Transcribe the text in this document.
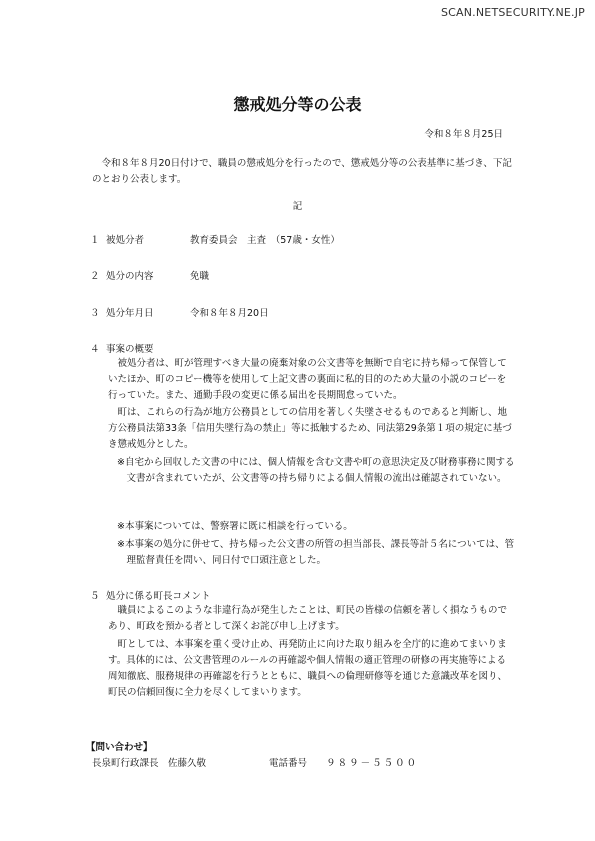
SCAN.NETSECURITY.NE.JP
懲戒処分等の公表
令和８年８月25日
令和８年８月20日付けで、職員の懲戒処分を行ったので、懲戒処分等の公表基準に基づき、下記のとおり公表します。
記
１ 被処分者	教育委員会　主査　（57歳・女性）
２ 処分の内容	免職
３ 処分年月日	令和８年８月20日
４ 事案の概要
被処分者は、町が管理すべき大量の廃棄対象の公文書等を無断で自宅に持ち帰って保管していたほか、町のコピー機等を使用して上記文書の裏面に私的目的のため大量の小説のコピーを行っていた。また、通勤手段の変更に係る届出を長期間怠っていた。
町は、これらの行為が地方公務員としての信用を著しく失墜させるものであると判断し、地方公務員法第33条「信用失墜行為の禁止」等に抵触するため、同法第29条第１項の規定に基づき懲戒処分とした。
※自宅から回収した文書の中には、個人情報を含む文書や町の意思決定及び財務事務に関する文書が含まれていたが、公文書等の持ち帰りによる個人情報の流出は確認されていない。
※本事案については、警察署に既に相談を行っている。
※本事案の処分に併せて、持ち帰った公文書の所管の担当部長、課長等計５名については、管理監督責任を問い、同日付で口頭注意とした。
５ 処分に係る町長コメント
職員によるこのような非違行為が発生したことは、町民の皆様の信頼を著しく損なうものであり、町政を預かる者として深くお詫び申し上げます。
町としては、本事案を重く受け止め、再発防止に向けた取り組みを全庁的に進めてまいります。具体的には、公文書管理のルールの再確認や個人情報の適正管理の研修の再実施等による周知徹底、服務規律の再確認を行うとともに、職員への倫理研修等を通じた意識改革を図り、町民の信頼回復に全力を尽くしてまいります。
【問い合わせ】
長泉町行政課長　佐藤久敬	電話番号 ９８９－５５００
